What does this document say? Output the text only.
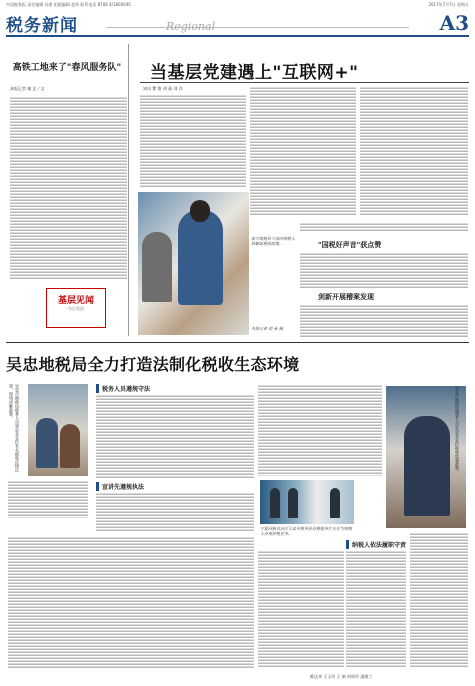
中国税务报 责任编辑 孙建 组版编辑 赵伟 联系电话 8706 4/1800045	2017年7月7日 星期五
税务新闻	Regional	A3
高铁工地来了"春风服务队"
本报记者 谢 艺／文
基层见闻
·今日关注·
当基层党建遇上"互联网+"
知讯 瞿 艳 胡 燕 刘 洋
泰兴地税局干部向纳税人讲解新税收政策。
本报记者 胡 燕 摄
"国税好声音"获点赞
剑新开展稽案发现
吴忠地税局全力打造法制化税收生态环境
吴忠市地税局税务人员到企业宣传有关税收法律法规，现场讲解政策。	税务人员遵规守法
宣讲先遵规执法
宁夏回族自治区吴忠市税务局办税服务厅正在为纳税人办理涉税业务。
吴忠市地税局稽查人员在企业宣传税收优惠政策。
纳税人依法履职守责
维达齐 王玉玲 王 新 何哈玲 邵维兰
